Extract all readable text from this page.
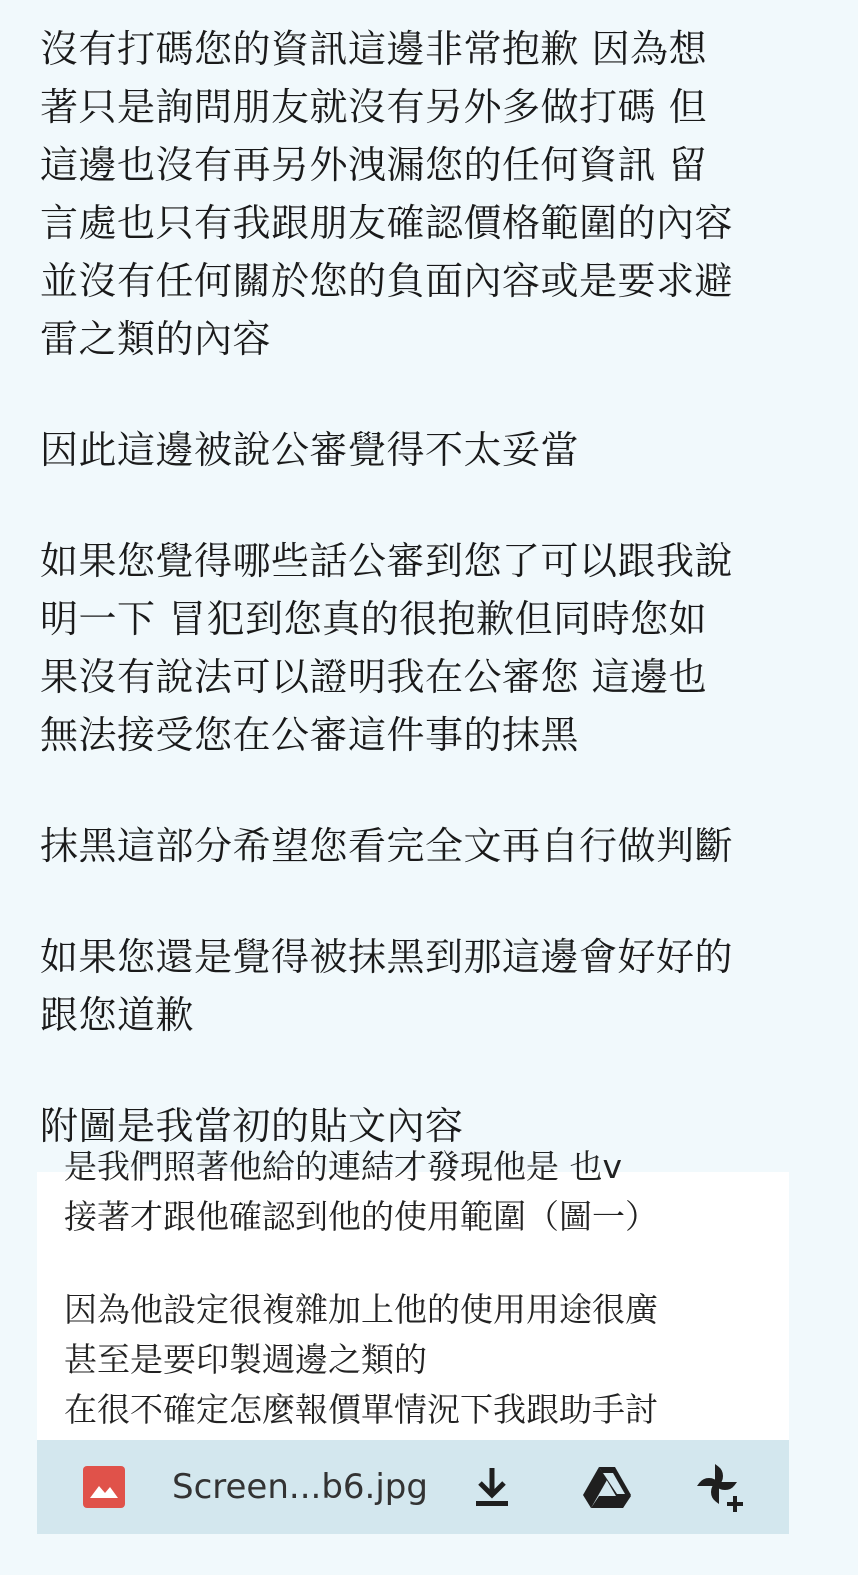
沒有打碼您的資訊這邊非常抱歉 因為想
著只是詢問朋友就沒有另外多做打碼 但
這邊也沒有再另外洩漏您的任何資訊 留
言處也只有我跟朋友確認價格範圍的內容
並沒有任何關於您的負面內容或是要求避
雷之類的內容
因此這邊被說公審覺得不太妥當
如果您覺得哪些話公審到您了可以跟我說
明一下 冒犯到您真的很抱歉但同時您如
果沒有說法可以證明我在公審您 這邊也
無法接受您在公審這件事的抹黑
抹黑這部分希望您看完全文再自行做判斷
如果您還是覺得被抹黑到那這邊會好好的
跟您道歉
附圖是我當初的貼文內容
是我們照著他給的連結才發現他是 也v
接著才跟他確認到他的使用範圍（圖一）
因為他設定很複雜加上他的使用用途很廣
甚至是要印製週邊之類的
在很不確定怎麼報價單情況下我跟助手討
Screen...b6.jpg
